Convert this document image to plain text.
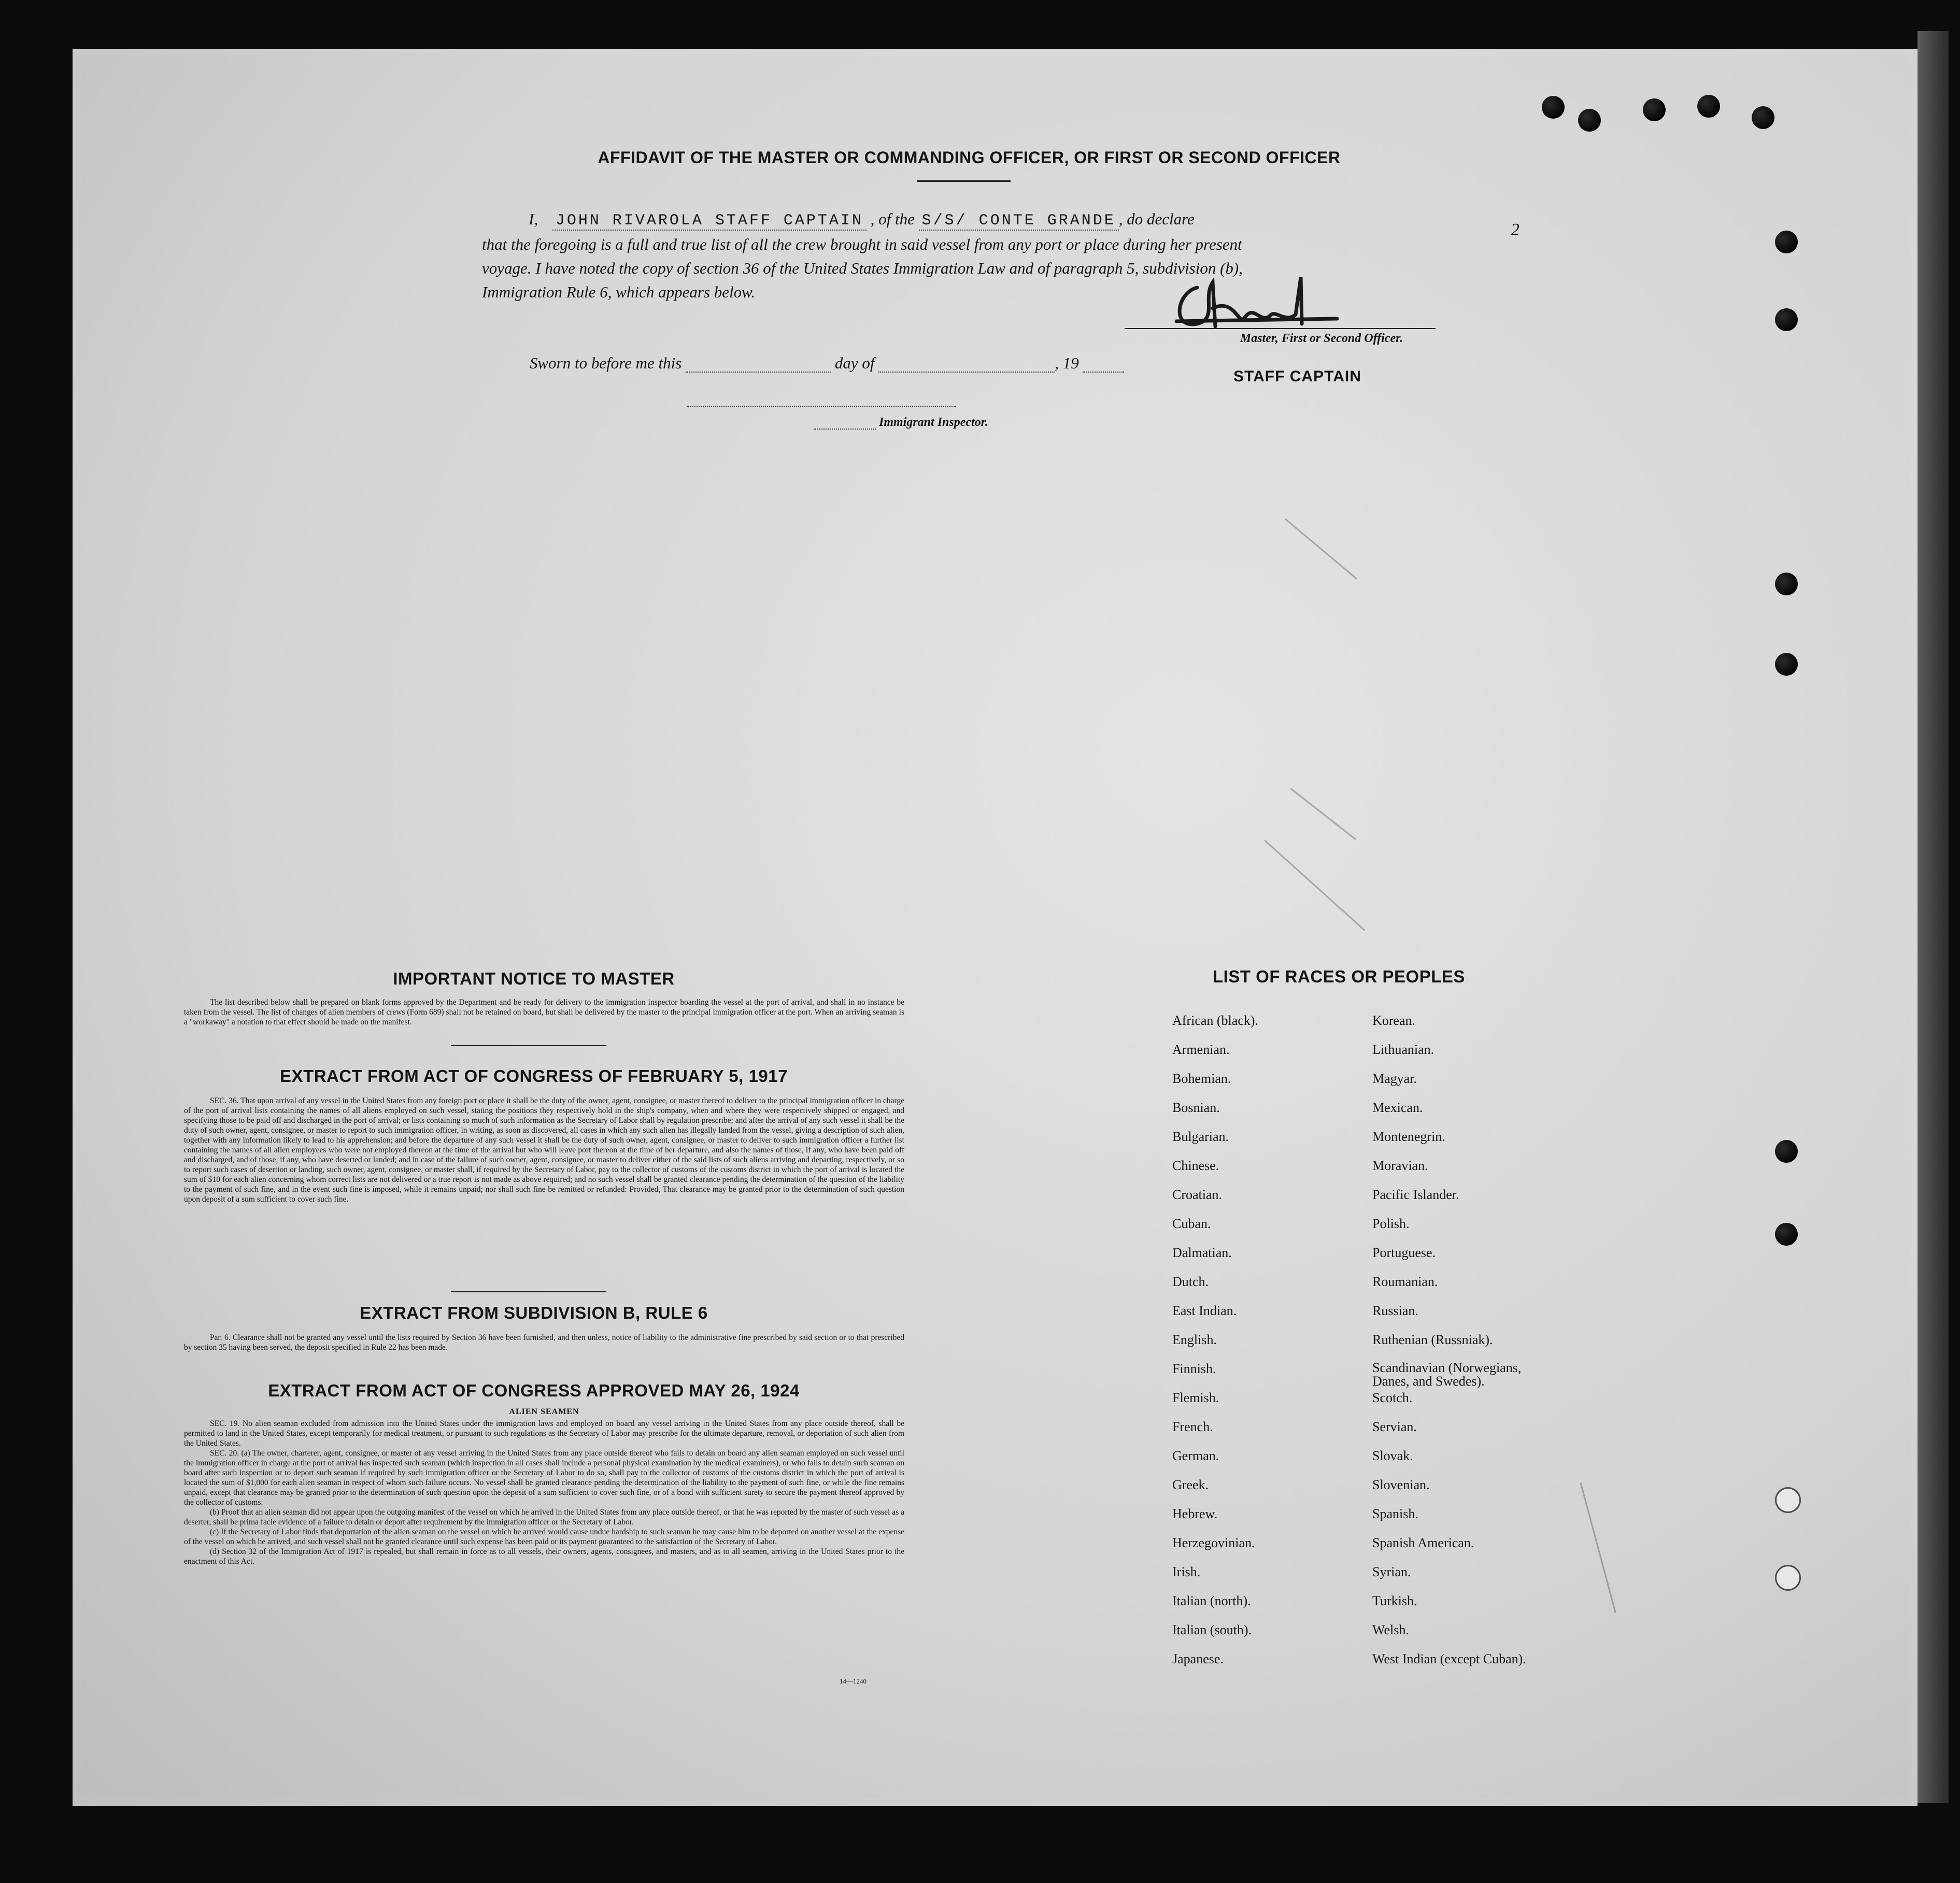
2
AFFIDAVIT OF THE MASTER OR COMMANDING OFFICER, OR FIRST OR SECOND OFFICER
I, JOHN RIVAROLA STAFF CAPTAIN , of the S/S/ CONTE GRANDE , do declare
that the foregoing is a full and true list of all the crew brought in said vessel from any port or place during her present
voyage. I have noted the copy of section 36 of the United States Immigration Law and of paragraph 5, subdivision (b),
Immigration Rule 6, which appears below.
Master, First or Second Officer.
Sworn to before me this	day of	, 19
STAFF CAPTAIN
Immigrant Inspector.
IMPORTANT NOTICE TO MASTER

The list described below shall be prepared on blank forms approved by the Department and be ready for delivery to the immigration inspector boarding the vessel at the port of arrival, and shall in no instance be taken from the vessel. The list of changes of alien members of crews (Form 689) shall not be retained on board, but shall be delivered by the master to the principal immigration officer at the port. When an arriving seaman is a "workaway" a notation to that effect should be made on the manifest.

EXTRACT FROM ACT OF CONGRESS OF FEBRUARY 5, 1917

SEC. 36. That upon arrival of any vessel in the United States from any foreign port or place it shall be the duty of the owner, agent, consignee, or master thereof to deliver to the principal immigration officer in charge of the port of arrival lists containing the names of all aliens employed on such vessel, stating the positions they respectively hold in the ship's company, when and where they were respectively shipped or engaged, and specifying those to be paid off and discharged in the port of arrival; or lists containing so much of such information as the Secretary of Labor shall by regulation prescribe; and after the arrival of any such vessel it shall be the duty of such owner, agent, consignee, or master to report to such immigration officer, in writing, as soon as discovered, all cases in which any such alien has illegally landed from the vessel, giving a description of such alien, together with any information likely to lead to his apprehension; and before the departure of any such vessel it shall be the duty of such owner, agent, consignee, or master to deliver to such immigration officer a further list containing the names of all alien employees who were not employed thereon at the time of the arrival but who will leave port thereon at the time of her departure, and also the names of those, if any, who have been paid off and discharged, and of those, if any, who have deserted or landed; and in case of the failure of such owner, agent, consignee, or master to deliver either of the said lists of such aliens arriving and departing, respectively, or so to report such cases of desertion or landing, such owner, agent, consignee, or master shall, if required by the Secretary of Labor, pay to the collector of customs of the customs district in which the port of arrival is located the sum of $10 for each alien concerning whom correct lists are not delivered or a true report is not made as above required; and no such vessel shall be granted clearance pending the determination of the question of the liability to the payment of such fine, and in the event such fine is imposed, while it remains unpaid; nor shall such fine be remitted or refunded: Provided, That clearance may be granted prior to the determination of such question upon deposit of a sum sufficient to cover such fine.

EXTRACT FROM SUBDIVISION B, RULE 6

Par. 6. Clearance shall not be granted any vessel until the lists required by Section 36 have been furnished, and then unless, notice of liability to the administrative fine prescribed by said section or to that prescribed by section 35 having been served, the deposit specified in Rule 22 has been made.

EXTRACT FROM ACT OF CONGRESS APPROVED MAY 26, 1924
ALIEN SEAMEN

SEC. 19. No alien seaman excluded from admission into the United States under the immigration laws and employed on board any vessel arriving in the United States from any place outside thereof, shall be permitted to land in the United States, except temporarily for medical treatment, or pursuant to such regulations as the Secretary of Labor may prescribe for the ultimate departure, removal, or deportation of such alien from the United States.

SEC. 20. (a) The owner, charterer, agent, consignee, or master of any vessel arriving in the United States from any place outside thereof who fails to detain on board any alien seaman employed on such vessel until the immigration officer in charge at the port of arrival has inspected such seaman (which inspection in all cases shall include a personal physical examination by the medical examiners), or who fails to detain such seaman on board after such inspection or to deport such seaman if required by such immigration officer or the Secretary of Labor to do so, shall pay to the collector of customs of the customs district in which the port of arrival is located the sum of $1,000 for each alien seaman in respect of whom such failure occurs. No vessel shall be granted clearance pending the determination of the liability to the payment of such fine, or while the fine remains unpaid, except that clearance may be granted prior to the determination of such question upon the deposit of a sum sufficient to cover such fine, or of a bond with sufficient surety to secure the payment thereof approved by the collector of customs.

(b) Proof that an alien seaman did not appear upon the outgoing manifest of the vessel on which he arrived in the United States from any place outside thereof, or that he was reported by the master of such vessel as a deserter, shall be prima facie evidence of a failure to detain or deport after requirement by the immigration officer or the Secretary of Labor.

(c) If the Secretary of Labor finds that deportation of the alien seaman on the vessel on which he arrived would cause undue hardship to such seaman he may cause him to be deported on another vessel at the expense of the vessel on which he arrived, and such vessel shall not be granted clearance until such expense has been paid or its payment guaranteed to the satisfaction of the Secretary of Labor.

(d) Section 32 of the Immigration Act of 1917 is repealed, but shall remain in force as to all vessels, their owners, agents, consignees, and masters, and as to all seamen, arriving in the United States prior to the enactment of this Act.

14—1240
LIST OF RACES OR PEOPLES
African (black).
Armenian.
Bohemian.
Bosnian.
Bulgarian.
Chinese.
Croatian.
Cuban.
Dalmatian.
Dutch.
East Indian.
English.
Finnish.
Flemish.
French.
German.
Greek.
Hebrew.
Herzegovinian.
Irish.
Italian (north).
Italian (south).
Japanese.
Korean.
Lithuanian.
Magyar.
Mexican.
Montenegrin.
Moravian.
Pacific Islander.
Polish.
Portuguese.
Roumanian.
Russian.
Ruthenian (Russniak).
Scandinavian (Norwegians, Danes, and Swedes).
Scotch.
Servian.
Slovak.
Slovenian.
Spanish.
Spanish American.
Syrian.
Turkish.
Welsh.
West Indian (except Cuban).
